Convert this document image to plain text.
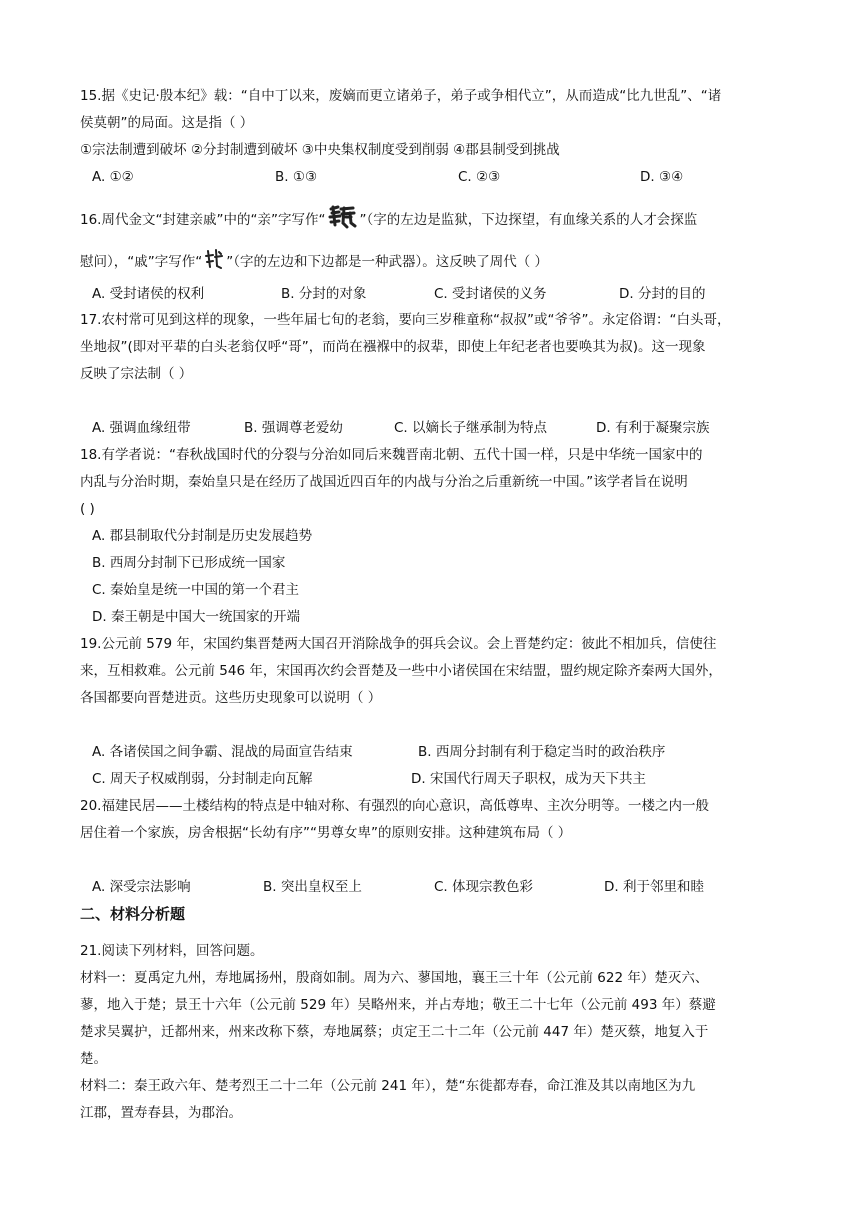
15.据《史记·殷本纪》载：“自中丁以来，废嫡而更立诸弟子，弟子或争相代立”，从而造成“比九世乱”、“诸
侯莫朝”的局面。这是指（ ）
①宗法制遭到破坏 ②分封制遭到破坏 ③中央集权制度受到削弱 ④郡县制受到挑战
A. ①②	B. ①③	C. ②③	D. ③④
16.周代金文“封建亲戚”中的“亲”字写作“	”（字的左边是监狱，下边探望，有血缘关系的人才会探监
慰问），“戚”字写作“ ”（字的左边和下边都是一种武器）。这反映了周代（ ）
A. 受封诸侯的权利	B. 分封的对象	C. 受封诸侯的义务	D. 分封的目的
17.农村常可见到这样的现象，一些年届七旬的老翁，要向三岁稚童称“叔叔”或“爷爷”。永定俗谓：“白头哥，
坐地叔”(即对平辈的白头老翁仅呼“哥”，而尚在襁褓中的叔辈，即使上年纪老者也要唤其为叔)。这一现象
反映了宗法制（ ）
A. 强调血缘纽带	B. 强调尊老爱幼	C. 以嫡长子继承制为特点	D. 有利于凝聚宗族
18.有学者说：“春秋战国时代的分裂与分治如同后来魏晋南北朝、五代十国一样，只是中华统一国家中的
内乱与分治时期，秦始皇只是在经历了战国近四百年的内战与分治之后重新统一中国。”该学者旨在说明
( )
A. 郡县制取代分封制是历史发展趋势
B. 西周分封制下已形成统一国家
C. 秦始皇是统一中国的第一个君主
D. 秦王朝是中国大一统国家的开端
19.公元前 579 年，宋国约集晋楚两大国召开消除战争的弭兵会议。会上晋楚约定：彼此不相加兵，信使往
来，互相救难。公元前 546 年，宋国再次约会晋楚及一些中小诸侯国在宋结盟，盟约规定除齐秦两大国外，
各国都要向晋楚进贡。这些历史现象可以说明（ ）
A. 各诸侯国之间争霸、混战的局面宣告结束	B. 西周分封制有利于稳定当时的政治秩序
C. 周天子权威削弱，分封制走向瓦解	D. 宋国代行周天子职权，成为天下共主
20.福建民居——土楼结构的特点是中轴对称、有强烈的向心意识，高低尊卑、主次分明等。一楼之内一般
居住着一个家族，房舍根据“长幼有序”“男尊女卑”的原则安排。这种建筑布局（ ）
A. 深受宗法影响	B. 突出皇权至上	C. 体现宗教色彩	D. 利于邻里和睦
二、材料分析题
21.阅读下列材料，回答问题。
材料一：夏禹定九州，寿地属扬州，殷商如制。周为六、蓼国地，襄王三十年（公元前 622 年）楚灭六、
蓼，地入于楚；景王十六年（公元前 529 年）吴略州来，并占寿地；敬王二十七年（公元前 493 年）蔡避
楚求吴翼护，迁都州来，州来改称下蔡，寿地属蔡；贞定王二十二年（公元前 447 年）楚灭蔡，地复入于
楚。
材料二：秦王政六年、楚考烈王二十二年（公元前 241 年），楚“东徙都寿春，命江淮及其以南地区为九
江郡，置寿春县，为郡治。
